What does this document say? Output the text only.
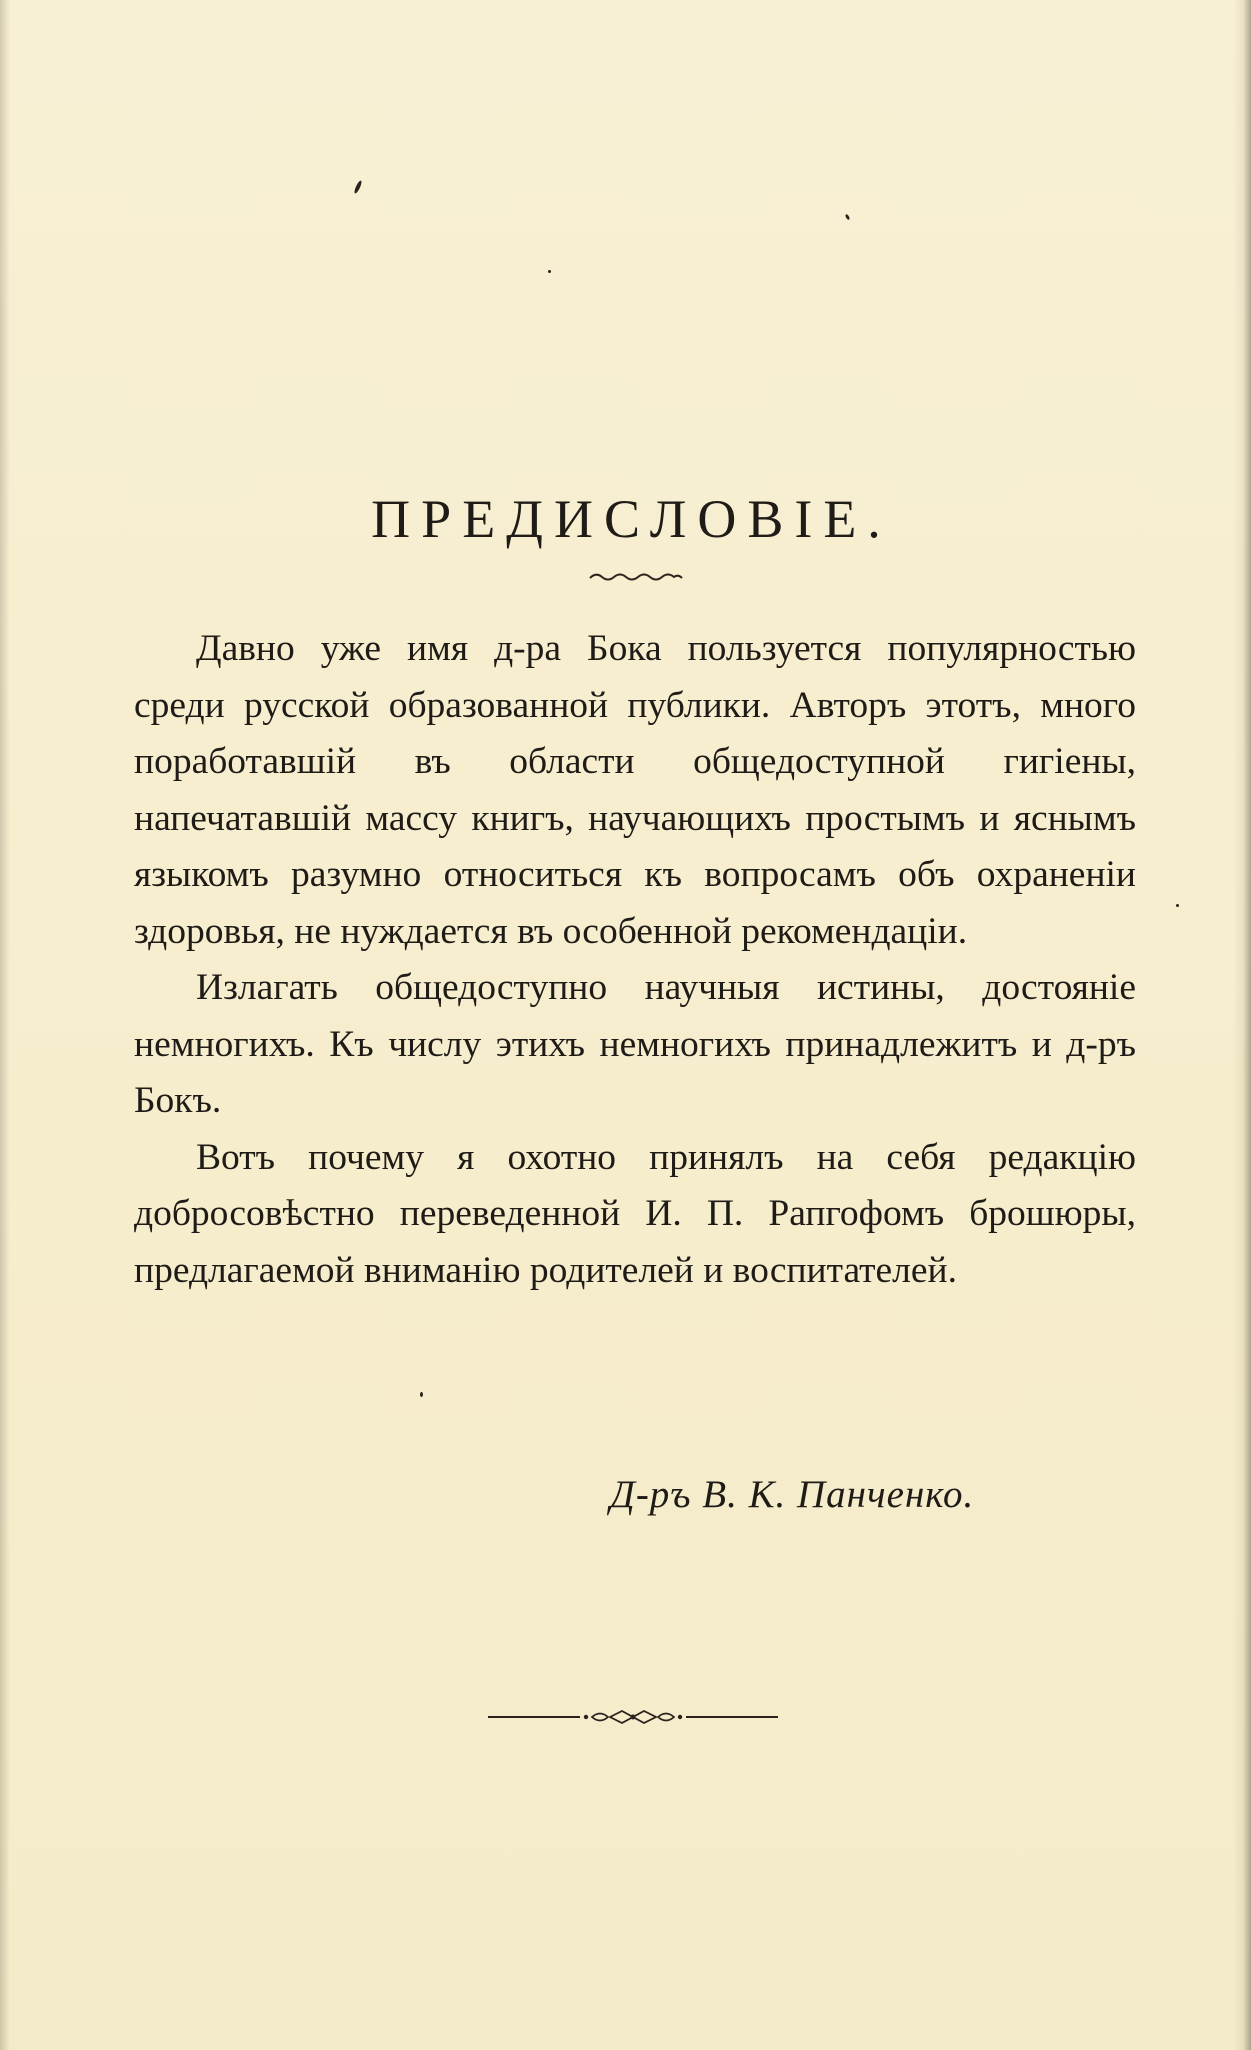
ПРЕДИСЛОВІЕ.

Давно уже имя д-ра Бока пользуется популярностью среди русской образованной публики. Авторъ этотъ, много поработавшій въ области общедоступной гигіены, напечатавшій массу книгъ, научающихъ простымъ и яснымъ языкомъ разумно относиться къ вопросамъ объ охраненіи здоровья, не нуждается въ особенной рекомендаціи.

Излагать общедоступно научныя истины, достояніе немногихъ. Къ числу этихъ немногихъ принадлежитъ и д-ръ Бокъ.

Вотъ почему я охотно принялъ на себя редакцію добросовѣстно переведенной И. П. Рапгофомъ брошюры, предлагаемой вниманію родителей и воспитателей.

Д-ръ В. К. Панченко.
